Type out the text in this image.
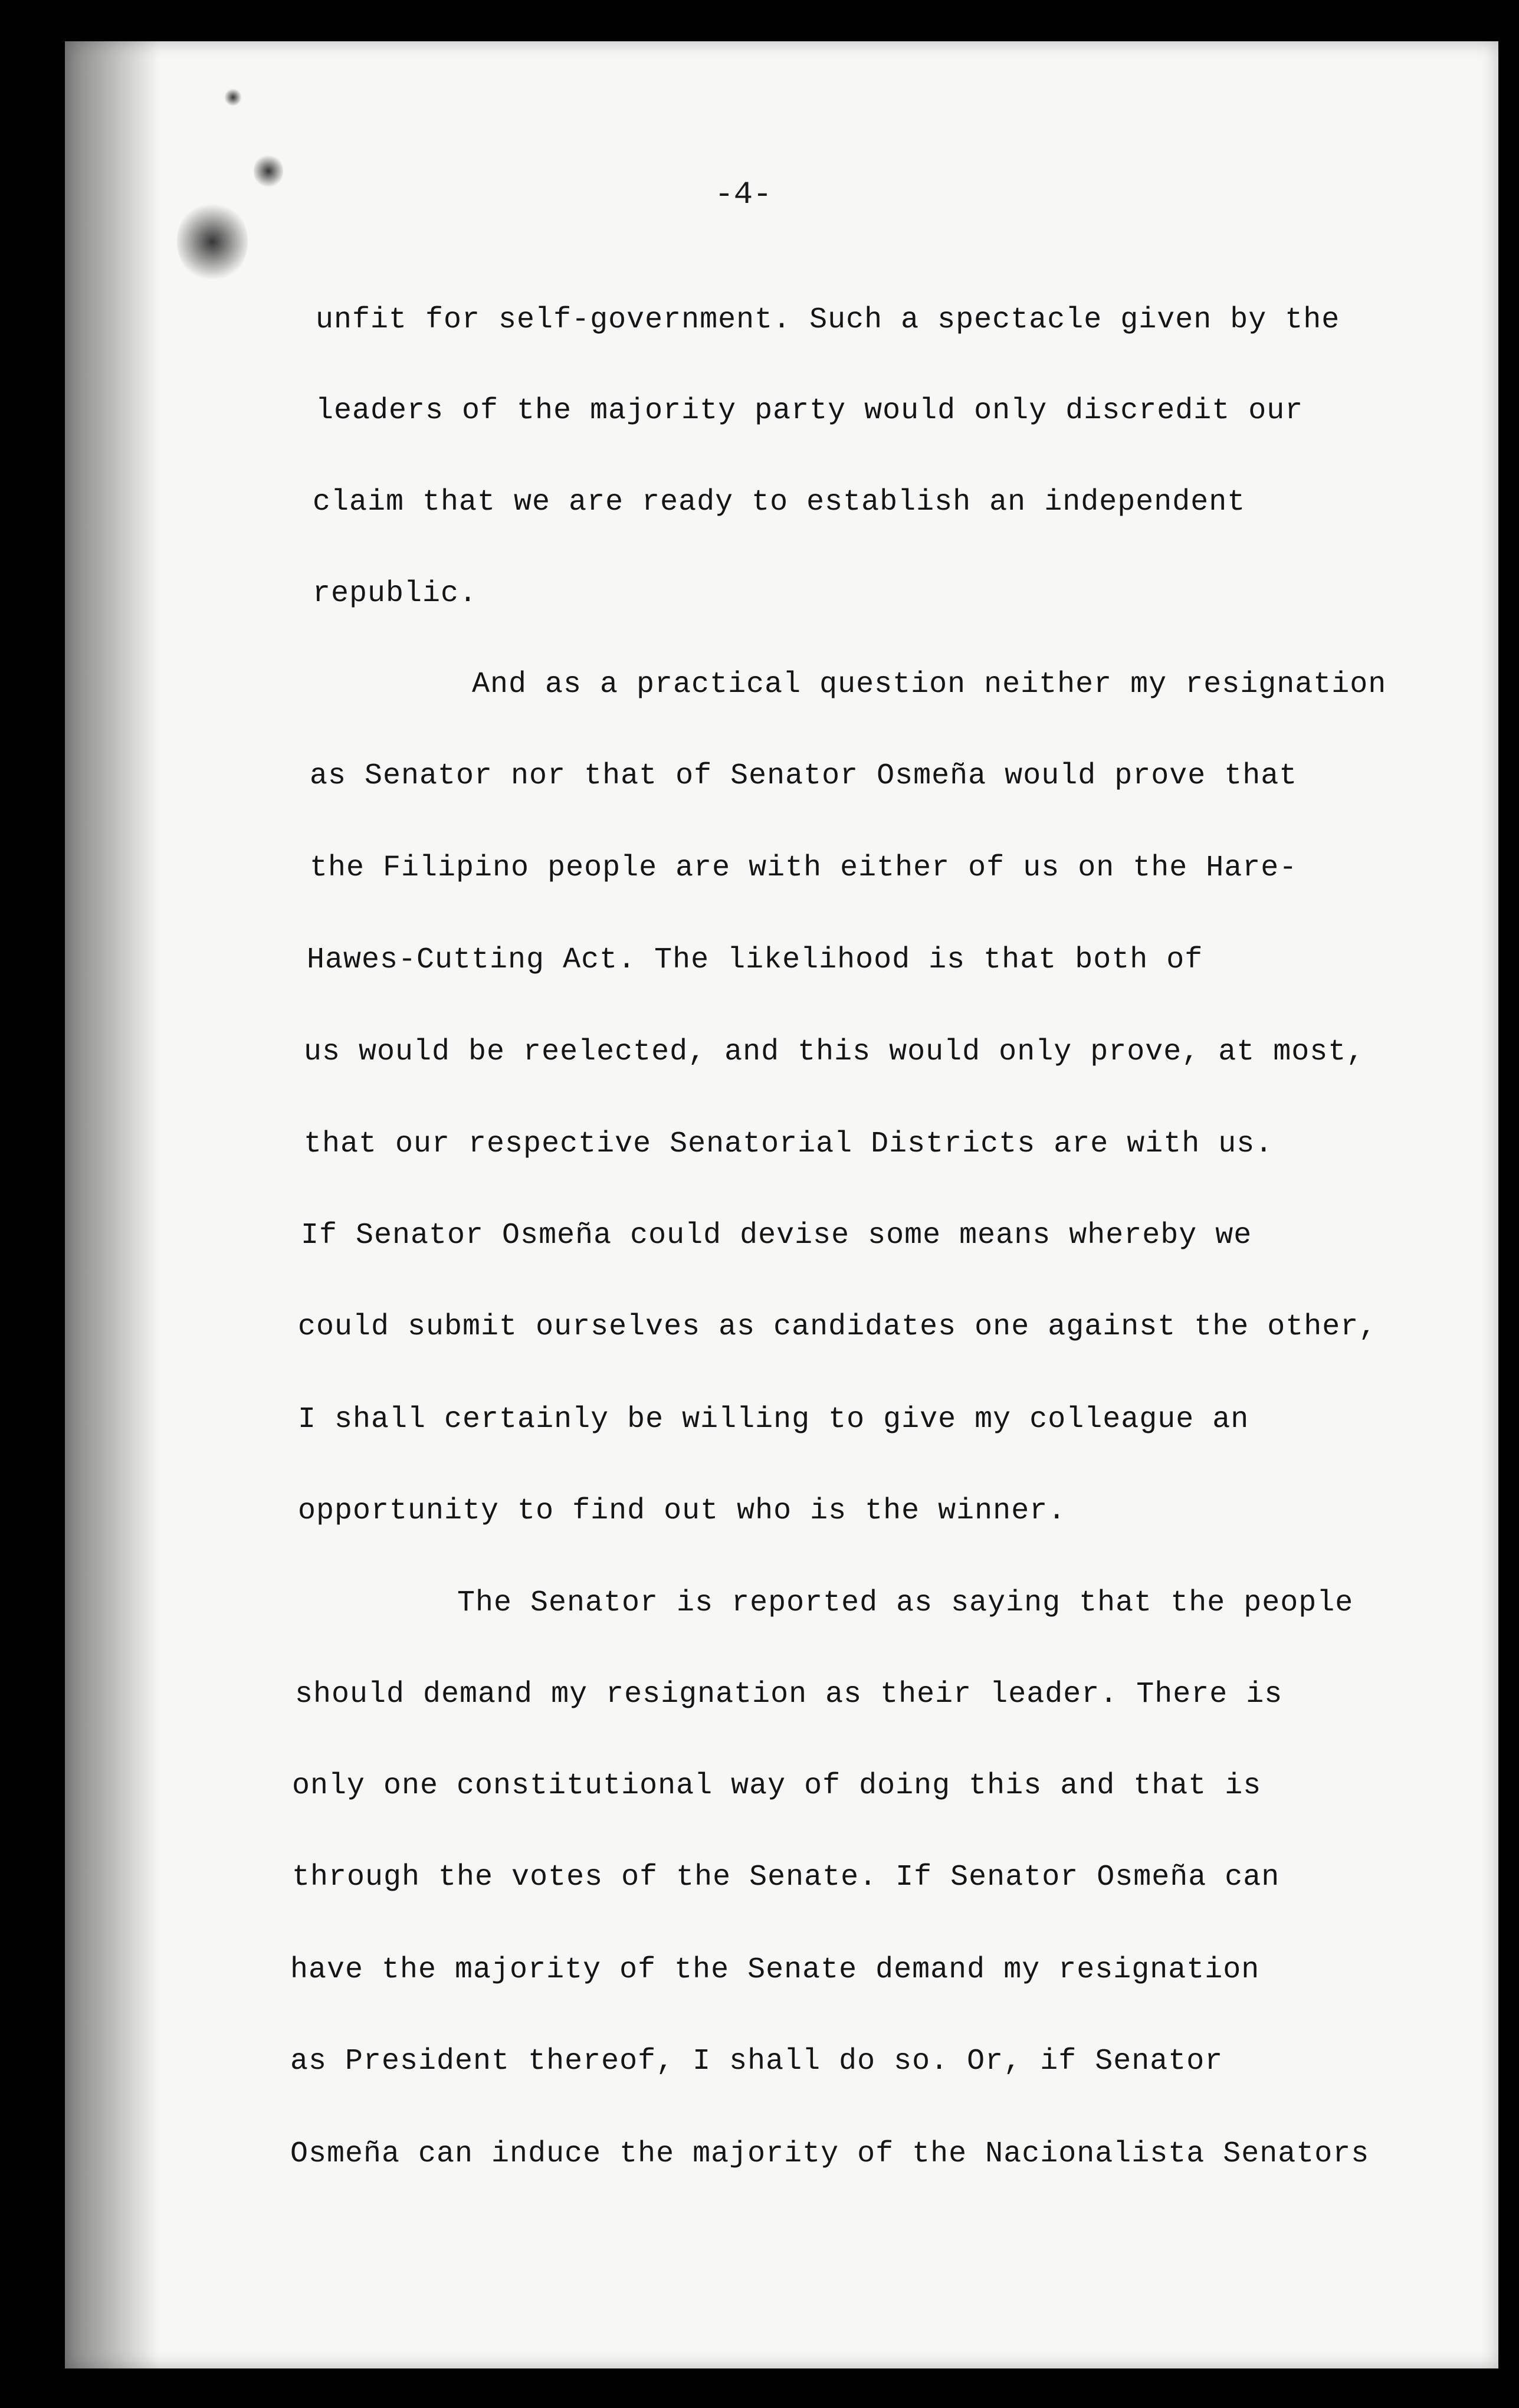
-4-
unfit for self-government. Such a spectacle given by the
leaders of the majority party would only discredit our
claim that we are ready to establish an independent
republic.
And as a practical question neither my resignation
as Senator nor that of Senator Osmeña would prove that
the Filipino people are with either of us on the Hare-
Hawes-Cutting Act. The likelihood is that both of
us would be reelected, and this would only prove, at most,
that our respective Senatorial Districts are with us.
If Senator Osmeña could devise some means whereby we
could submit ourselves as candidates one against the other,
I shall certainly be willing to give my colleague an
opportunity to find out who is the winner.
The Senator is reported as saying that the people
should demand my resignation as their leader. There is
only one constitutional way of doing this and that is
through the votes of the Senate. If Senator Osmeña can
have the majority of the Senate demand my resignation
as President thereof, I shall do so. Or, if Senator
Osmeña can induce the majority of the Nacionalista Senators
